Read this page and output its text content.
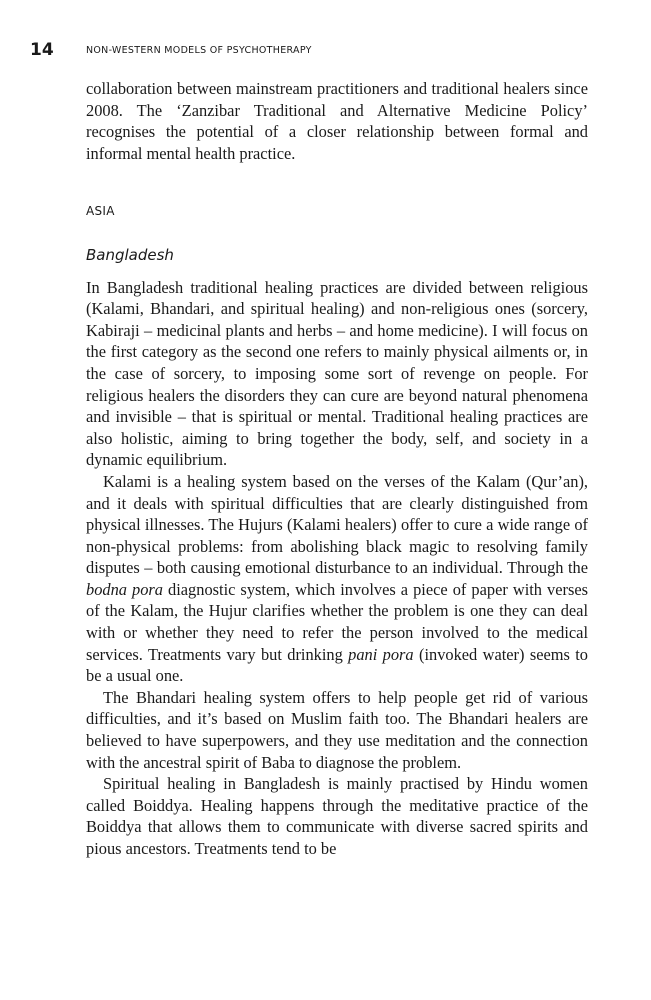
14	NON-WESTERN MODELS OF PSYCHOTHERAPY

collaboration between mainstream practitioners and traditional healers since 2008. The ‘Zanzibar Traditional and Alternative Medicine Policy’ recognises the potential of a closer relationship between formal and informal mental health practice.

ASIA
Bangladesh

In Bangladesh traditional healing practices are divided between religious (Kalami, Bhandari, and spiritual healing) and non-religious ones (sorcery, Kabiraji – medicinal plants and herbs – and home medicine). I will focus on the first category as the second one refers to mainly physical ailments or, in the case of sorcery, to imposing some sort of revenge on people. For religious healers the disorders they can cure are beyond natural phenomena and invisible – that is spiritual or mental. Traditional healing practices are also holistic, aiming to bring together the body, self, and society in a dynamic equilibrium.

Kalami is a healing system based on the verses of the Kalam (Qur’an), and it deals with spiritual difficulties that are clearly distinguished from physical illnesses. The Hujurs (Kalami healers) offer to cure a wide range of non-physical problems: from abolishing black magic to resolving family disputes – both causing emotional disturbance to an individual. Through the bodna pora diagnostic system, which involves a piece of paper with verses of the Kalam, the Hujur clarifies whether the problem is one they can deal with or whether they need to refer the person involved to the medical services. Treatments vary but drinking pani pora (invoked water) seems to be a usual one.

The Bhandari healing system offers to help people get rid of various difficulties, and it’s based on Muslim faith too. The Bhandari healers are believed to have superpowers, and they use meditation and the connection with the ancestral spirit of Baba to diagnose the problem.

Spiritual healing in Bangladesh is mainly practised by Hindu women called Boiddya. Healing happens through the meditative practice of the Boiddya that allows them to communicate with diverse sacred spirits and pious ancestors. Treatments tend to be
